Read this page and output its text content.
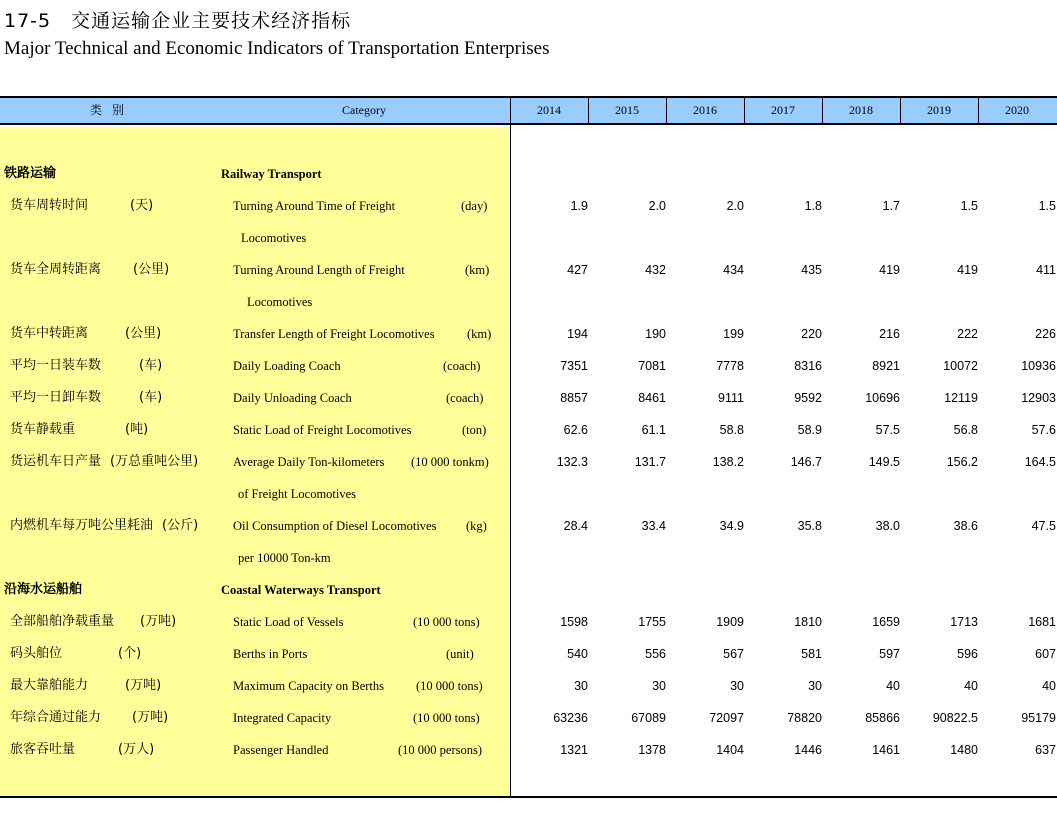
17-5　交通运输企业主要技术经济指标
Major Technical and Economic Indicators of Transportation Enterprises
类别	Category	2014	2015	2016	2017	2018	2019	2020
铁路运输	Railway Transport
货车周转时间	(天)	Turning Around Time of Freight	(day)	1.9	2.0	2.0	1.8	1.7	1.5	1.5
Locomotives
货车全周转距离 (公里)	Turning Around Length of Freight	(km)	427	432	434	435	419	419	411
Locomotives
货车中转距离	(公里)	Transfer Length of Freight Locomotives	(km)	194	190	199	220	216	222	226
平均一日装车数	(车)	Daily Loading Coach	(coach)	7351	7081	7778	8316	8921	10072	10936
平均一日卸车数	(车)	Daily Unloading Coach	(coach)	8857	8461	9111	9592	10696	12119	12903
货车静载重	(吨)	Static Load of Freight Locomotives	(ton)	62.6	61.1	58.8	58.9	57.5	56.8	57.6
货运机车日产量 (万总重吨公里)	Average Daily Ton-kilometers (10 000 tonkm)	132.3	131.7	138.2	146.7	149.5	156.2	164.5
of Freight Locomotives
内燃机车每万吨公里耗油 (公斤)	Oil Consumption of Diesel Locomotives (kg)	28.4	33.4	34.9	35.8	38.0	38.6	47.5
per 10000 Ton-km
沿海水运船舶	Coastal Waterways Transport
全部船舶净载重量 (万吨)	Static Load of Vessels	(10 000 tons)	1598	1755	1909	1810	1659	1713	1681
码头舶位	(个)	Berths in Ports	(unit)	540	556	567	581	597	596	607
最大靠舶能力	(万吨)	Maximum Capacity on Berths	(10 000 tons)	30	30	30	30	40	40	40
年综合通过能力 (万吨)	Integrated Capacity	(10 000 tons)	63236	67089	72097	78820	85866	90822.5	95179
旅客吞吐量	(万人)	Passenger Handled	(10 000 persons)	1321	1378	1404	1446	1461	1480	637
